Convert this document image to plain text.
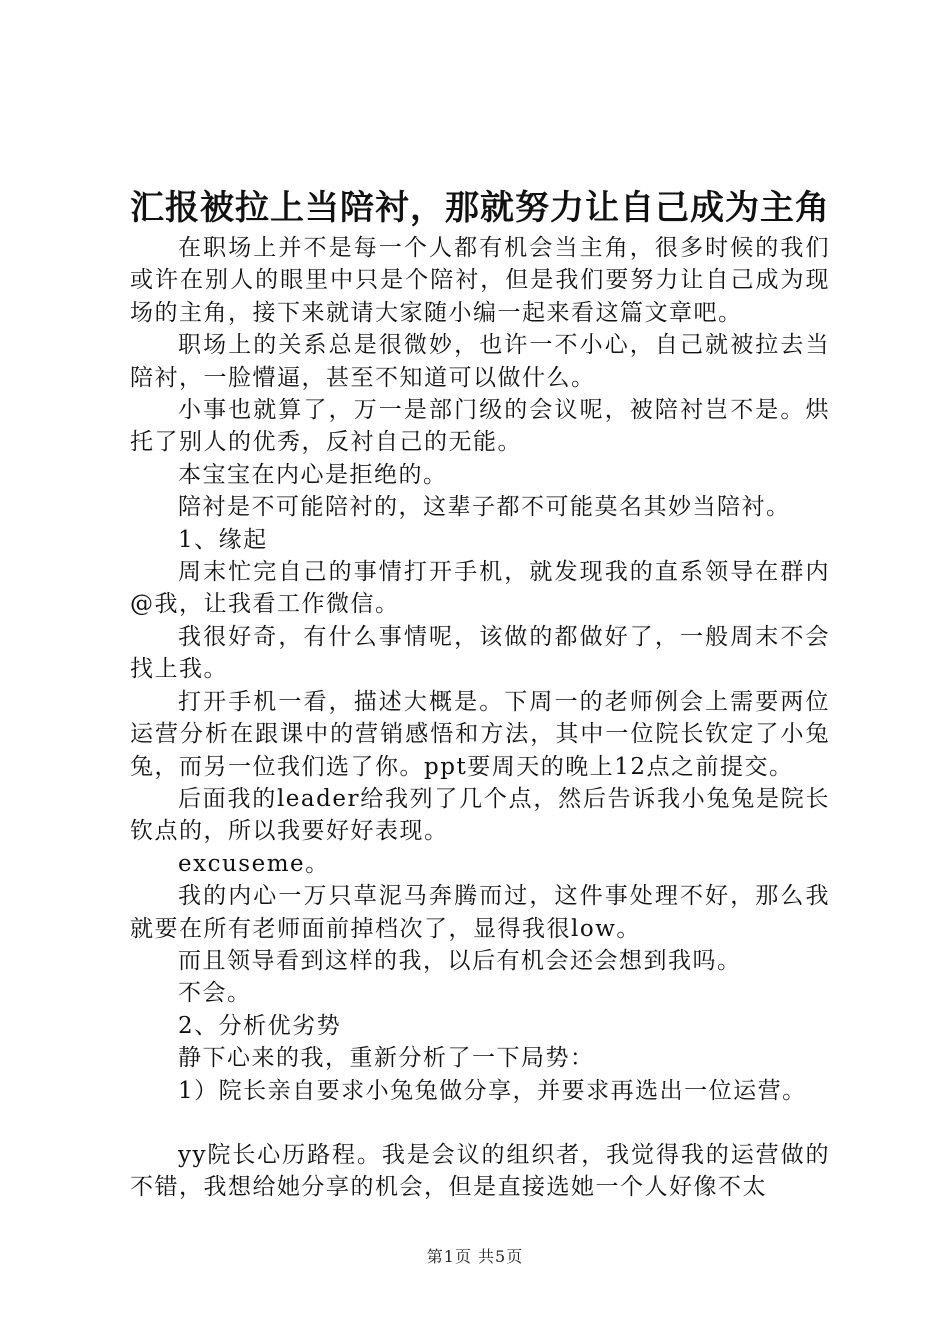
汇报被拉上当陪衬，那就努力让自己成为主角

在职场上并不是每一个人都有机会当主角，很多时候的我们或许在别人的眼里中只是个陪衬，但是我们要努力让自己成为现场的主角，接下来就请大家随小编一起来看这篇文章吧。

职场上的关系总是很微妙，也许一不小心，自己就被拉去当陪衬，一脸懵逼，甚至不知道可以做什么。

小事也就算了，万一是部门级的会议呢，被陪衬岂不是。烘托了别人的优秀，反衬自己的无能。

本宝宝在内心是拒绝的。

陪衬是不可能陪衬的，这辈子都不可能莫名其妙当陪衬。

1、缘起

周末忙完自己的事情打开手机，就发现我的直系领导在群内@我，让我看工作微信。

我很好奇，有什么事情呢，该做的都做好了，一般周末不会找上我。

打开手机一看，描述大概是。下周一的老师例会上需要两位运营分析在跟课中的营销感悟和方法，其中一位院长钦定了小兔兔，而另一位我们选了你。ppt要周天的晚上12点之前提交。

后面我的leader给我列了几个点，然后告诉我小兔兔是院长钦点的，所以我要好好表现。

excuseme。

我的内心一万只草泥马奔腾而过，这件事处理不好，那么我就要在所有老师面前掉档次了，显得我很low。

而且领导看到这样的我，以后有机会还会想到我吗。

不会。

2、分析优劣势

静下心来的我，重新分析了一下局势：

1）院长亲自要求小兔兔做分享，并要求再选出一位运营。

yy院长心历路程。我是会议的组织者，我觉得我的运营做的不错，我想给她分享的机会，但是直接选她一个人好像不太

第1页 共5页
